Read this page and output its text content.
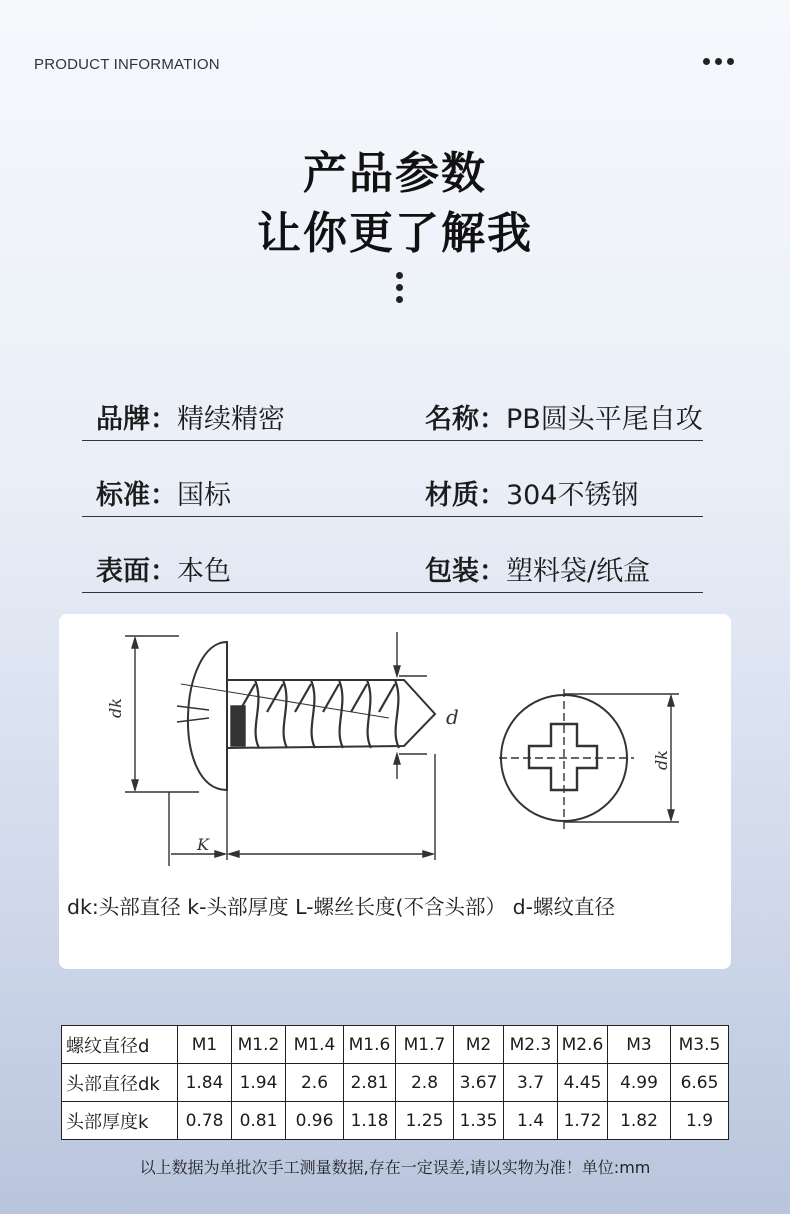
PRODUCT INFORMATION
产品参数
让你更了解我
品牌：精续精密	名称：PB圆头平尾自攻
标准：国标	材质：304不锈钢
表面：本色	包装：塑料袋/纸盒
dk
K
d
dk
dk:头部直径 k-头部厚度 L-螺丝长度(不含头部） d-螺纹直径
螺纹直径d	M1	M1.2	M1.4	M1.6	M1.7	M2	M2.3	M2.6	M3	M3.5
头部直径dk	1.84	1.94	2.6	2.81	2.8	3.67	3.7	4.45	4.99	6.65
头部厚度k	0.78	0.81	0.96	1.18	1.25	1.35	1.4	1.72	1.82	1.9
以上数据为单批次手工测量数据,存在一定误差,请以实物为准！单位:mm
